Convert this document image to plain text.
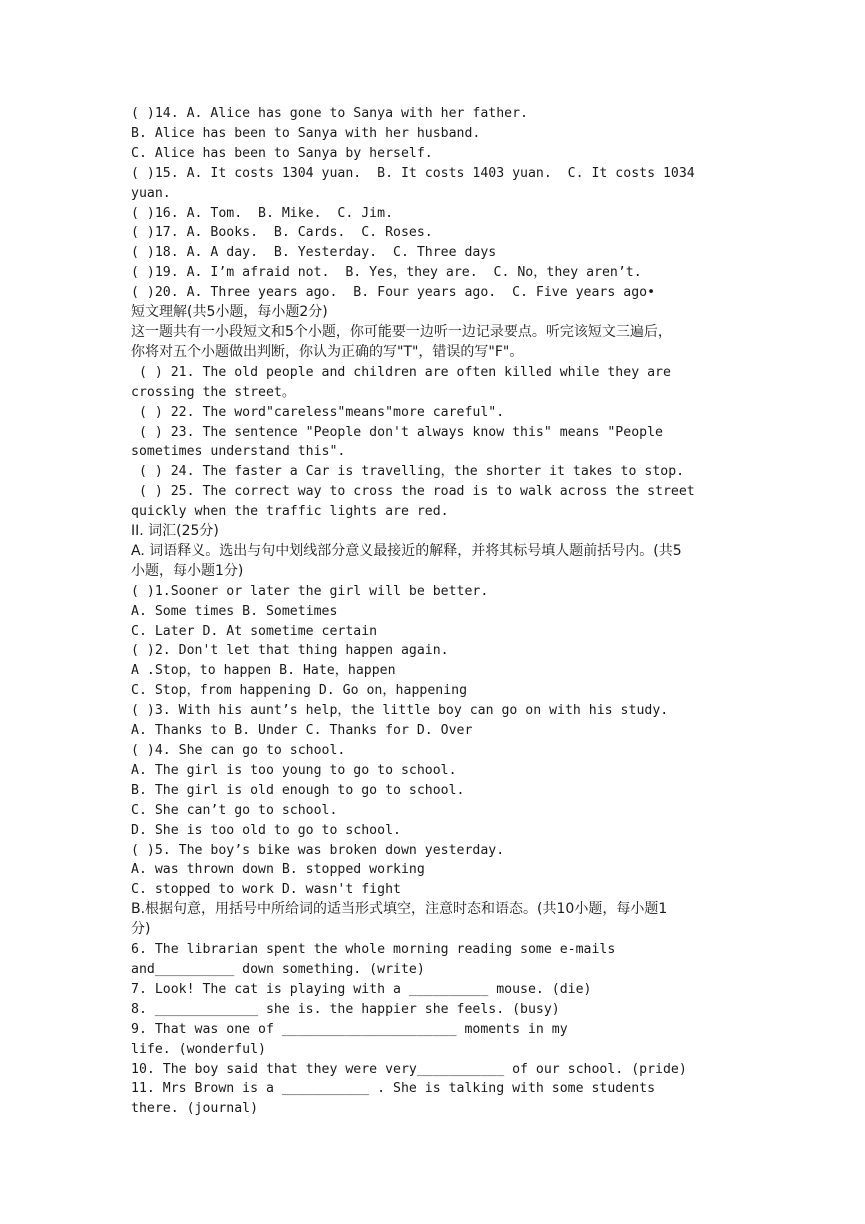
( )14. A. Alice has gone to Sanya with her father.
B. Alice has been to Sanya with her husband.
C. Alice has been to Sanya by herself.
( )15. A. It costs 1304 yuan.  B. It costs 1403 yuan.  C. It costs 1034
yuan.
( )16. A. Tom.  B. Mike.  C. Jim.
( )17. A. Books.  B. Cards.  C. Roses.
( )18. A. A day.  B. Yesterday.  C. Three days
( )19. A. I’m afraid not.  B. Yes，they are.  C. No，they aren’t.
( )20. A. Three years ago.  B. Four years ago.  C. Five years ago•
短文理解(共5小题，每小题2分)
这一题共有一小段短文和5个小题，你可能要一边听一边记录要点。听完该短文三遍后，
你将对五个小题做出判断，你认为正确的写"T"，错误的写"F"。
( ) 21. The old people and children are often killed while they are
crossing the street。
( ) 22. The word"careless"means"more careful".
( ) 23. The sentence "People don't always know this" means "People
sometimes understand this".
( ) 24. The faster a Car is travelling，the shorter it takes to stop.
( ) 25. The correct way to cross the road is to walk across the street
quickly when the traffic lights are red.
II. 词汇(25分)
A. 词语释义。选出与句中划线部分意义最接近的解释，并将其标号填人题前括号内。(共5
小题，每小题1分)
( )1.Sooner or later the girl will be better.
A. Some times B. Sometimes
C. Later D. At sometime certain
( )2. Don't let that thing happen again.
A .Stop，to happen B. Hate，happen
C. Stop，from happening D. Go on，happening
( )3. With his aunt’s help，the little boy can go on with his study.
A. Thanks to B. Under C. Thanks for D. Over
( )4. She can go to school.
A. The girl is too young to go to school.
B. The girl is old enough to go to school.
C. She can’t go to school.
D. She is too old to go to school.
( )5. The boy’s bike was broken down yesterday.
A. was thrown down B. stopped working
C. stopped to work D. wasn't fight
B.根据句意，用括号中所给词的适当形式填空，注意时态和语态。(共10小题，每小题1
分)
6. The librarian spent the whole morning reading some e-mails
and__________ down something. (write)
7. Look! The cat is playing with a __________ mouse. (die)
8. _____________ she is. the happier she feels. (busy)
9. That was one of ______________________ moments in my
life. (wonderful)
10. The boy said that they were very___________ of our school. (pride)
11. Mrs Brown is a ___________ . She is talking with some students
there. (journal)
